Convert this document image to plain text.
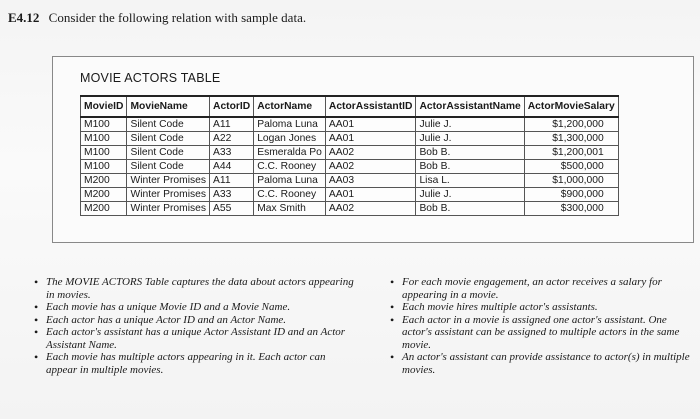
E4.12 Consider the following relation with sample data.
MOVIE ACTORS TABLE
MovieID	MovieName	ActorID	ActorName	ActorAssistantID	ActorAssistantName	ActorMovieSalary
M100	Silent Code	A11	Paloma Luna	AA01	Julie J.	$1,200,000
M100	Silent Code	A22	Logan Jones	AA01	Julie J.	$1,300,000
M100	Silent Code	A33	Esmeralda Po	AA02	Bob B.	$1,200,001
M100	Silent Code	A44	C.C. Rooney	AA02	Bob B.	$500,000
M200	Winter Promises	A11	Paloma Luna	AA03	Lisa L.	$1,000,000
M200	Winter Promises	A33	C.C. Rooney	AA01	Julie J.	$900,000
M200	Winter Promises	A55	Max Smith	AA02	Bob B.	$300,000
• The MOVIE ACTORS Table captures the data about actors appearing in movies.
• Each movie has a unique Movie ID and a Movie Name.
• Each actor has a unique Actor ID and an Actor Name.
• Each actor's assistant has a unique Actor Assistant ID and an Actor Assistant Name.
• Each movie has multiple actors appearing in it. Each actor can appear in multiple movies.
• For each movie engagement, an actor receives a salary for appearing in a movie.
• Each movie hires multiple actor's assistants.
• Each actor in a movie is assigned one actor's assistant. One actor's assistant can be assigned to multiple actors in the same movie.
• An actor's assistant can provide assistance to actor(s) in multiple movies.
